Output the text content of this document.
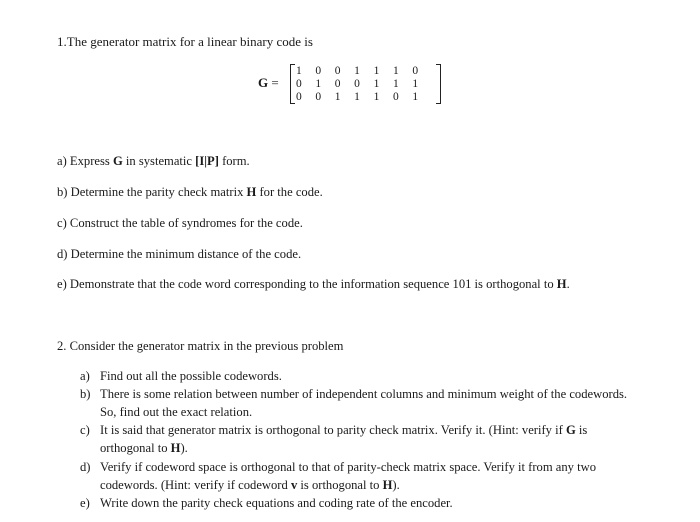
1.The generator matrix for a linear binary code is
G =
1	0	0	1	1	1	0
0	1	0	0	1	1	1
0	0	1	1	1	0	1
a) Express G in systematic [I|P] form.
b) Determine the parity check matrix H for the code.
c) Construct the table of syndromes for the code.
d) Determine the minimum distance of the code.
e) Demonstrate that the code word corresponding to the information sequence 101 is orthogonal to H.
2. Consider the generator matrix in the previous problem
a) Find out all the possible codewords.
b) There is some relation between number of independent columns and minimum weight of the codewords. So, find out the exact relation.
c) It is said that generator matrix is orthogonal to parity check matrix. Verify it. (Hint: verify if G is orthogonal to H).
d) Verify if codeword space is orthogonal to that of parity-check matrix space. Verify it from any two codewords. (Hint: verify if codeword v is orthogonal to H).
e) Write down the parity check equations and coding rate of the encoder.
